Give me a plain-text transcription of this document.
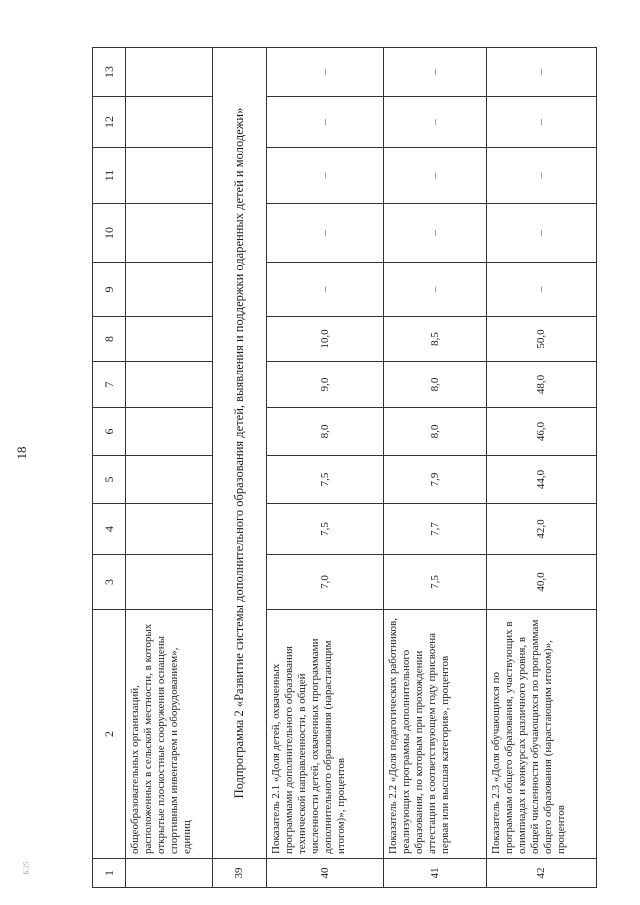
18
Б.25	1	2	3	4	5	6	7	8	9	10	11	12	13
	общеобразовательных организаций, расположенных в сельской местности, в которых открытые плоскостные сооружения оснащены спортивным инвентарем и оборудованием», единиц											
39	Подпрограмма 2 «Развитие системы дополнительного образования детей, выявления и поддержки одаренных детей и молодежи»											
40	Показатель 2.1 «Доля детей, охваченных программами дополнительного образования технической направленности, в общей численности детей, охваченных программами дополнительного образования (нарастающим итогом)», процентов	7,0	7,5	7,5	8,0	9,0	10,0	–	–	–	–	–
41	Показатель 2.2 «Доля педагогических работников, реализующих программы дополнительного образования, по которым при прохождении аттестации в соответствующем году присвоена первая или высшая категория», процентов	7,5	7,7	7,9	8,0	8,0	8,5	–	–	–	–	–
42	Показатель 2.3 «Доля обучающихся по программам общего образования, участвующих в олимпиадах и конкурсах различного уровня, в общей численности обучающихся по программам общего образования (нарастающим итогом)», процентов	40,0	42,0	44,0	46,0	48,0	50,0	–	–	–	–	–
